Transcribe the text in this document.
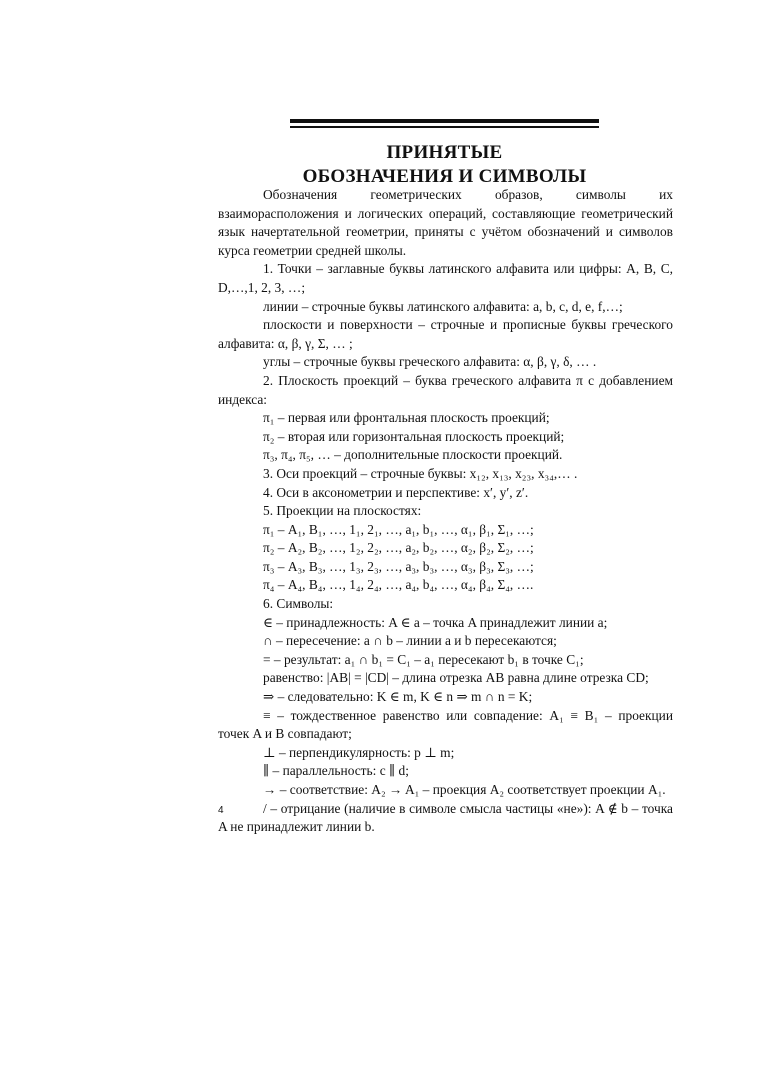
ПРИНЯТЫЕ
ОБОЗНАЧЕНИЯ И СИМВОЛЫ

Обозначения геометрических образов, символы их взаиморасположения и логических операций, составляющие геометрический язык начертательной геометрии, приняты с учётом обозначений и символов курса геометрии средней школы.

1. Точки – заглавные буквы латинского алфавита или цифры: A, B, C, D,…,1, 2, 3, …;

линии – строчные буквы латинского алфавита: a, b, c, d, e, f,…;

плоскости и поверхности – строчные и прописные буквы греческого алфавита: α, β, γ, Σ, … ;

углы – строчные буквы греческого алфавита: α, β, γ, δ, … .

2. Плоскость проекций – буква греческого алфавита π с добавлением индекса:

π₁ – первая или фронтальная плоскость проекций;

π₂ – вторая или горизонтальная плоскость проекций;

π₃, π₄, π₅, … – дополнительные плоскости проекций.

3. Оси проекций – строчные буквы: x₁₂, x₁₃, x₂₃, x₃₄,… .

4. Оси в аксонометрии и перспективе: x′, y′, z′.

5. Проекции на плоскостях:

π₁ – A₁, B₁, …, 1₁, 2₁, …, a₁, b₁, …, α₁, β₁, Σ₁, …;

π₂ – A₂, B₂, …, 1₂, 2₂, …, a₂, b₂, …, α₂, β₂, Σ₂, …;

π₃ – A₃, B₃, …, 1₃, 2₃, …, a₃, b₃, …, α₃, β₃, Σ₃, …;

π₄ – A₄, B₄, …, 1₄, 2₄, …, a₄, b₄, …, α₄, β₄, Σ₄, ….

6. Символы:

∈ – принадлежность: A ∈ a – точка A принадлежит линии a;

∩ – пересечение: a ∩ b – линии a и b пересекаются;

= – результат: a₁ ∩ b₁ = C₁ – a₁ пересекают b₁ в точке C₁;

равенство: |AB| = |CD| – длина отрезка AB равна длине отрезка CD;

⇒ – следовательно: K ∈ m, K ∈ n ⇒ m ∩ n = K;

≡ – тождественное равенство или совпадение: A₁ ≡ B₁ – проекции точек A и B совпадают;

⊥ – перпендикулярность: p ⊥ m;

∥ – параллельность: c ∥ d;

→ – соответствие: A₂ → A₁ – проекция A₂ соответствует проекции A₁.

/ – отрицание (наличие в символе смысла частицы «не»): A ∉ b – точка A не принадлежит линии b.

4
